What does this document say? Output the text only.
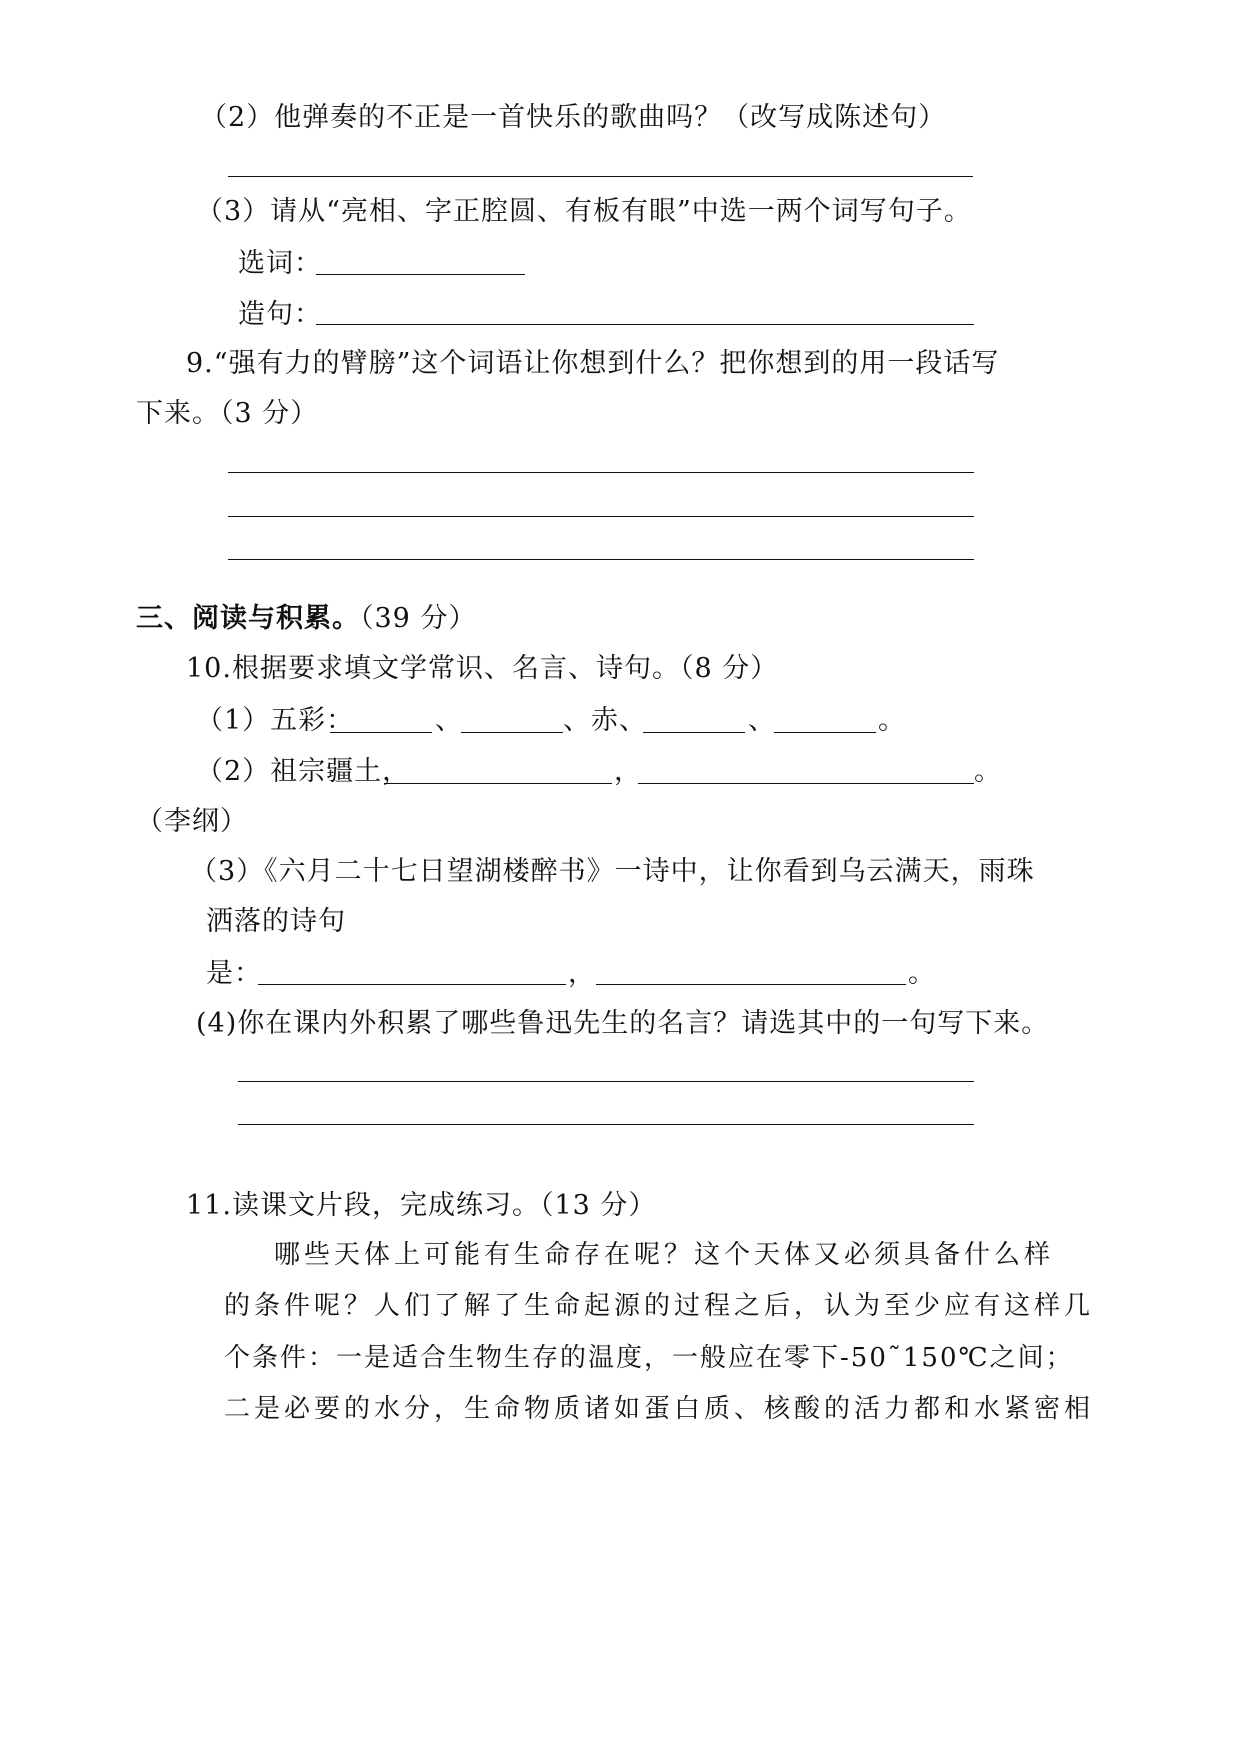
（2）他弹奏的不正是一首快乐的歌曲吗？（改写成陈述句）
（3）请从“亮相、字正腔圆、有板有眼”中选一两个词写句子。
选词：
造句：
9.“强有力的臂膀”这个词语让你想到什么？把你想到的用一段话写
下来。（3 分）
三、阅读与积累。（39 分）
10.根据要求填文学常识、名言、诗句。（8 分）
（1）五彩：	、	、赤、	、	。
（2）祖宗疆土，	，	。
（李纲）
（3）《六月二十七日望湖楼醉书》一诗中，让你看到乌云满天，雨珠
洒落的诗句
是：	，	。
(4)你在课内外积累了哪些鲁迅先生的名言？请选其中的一句写下来。
11.读课文片段，完成练习。（13 分）
哪些天体上可能有生命存在呢？这个天体又必须具备什么样
的条件呢？人们了解了生命起源的过程之后，认为至少应有这样几
个条件：一是适合生物生存的温度，一般应在零下-50˜150℃之间；
二是必要的水分，生命物质诸如蛋白质、核酸的活力都和水紧密相
